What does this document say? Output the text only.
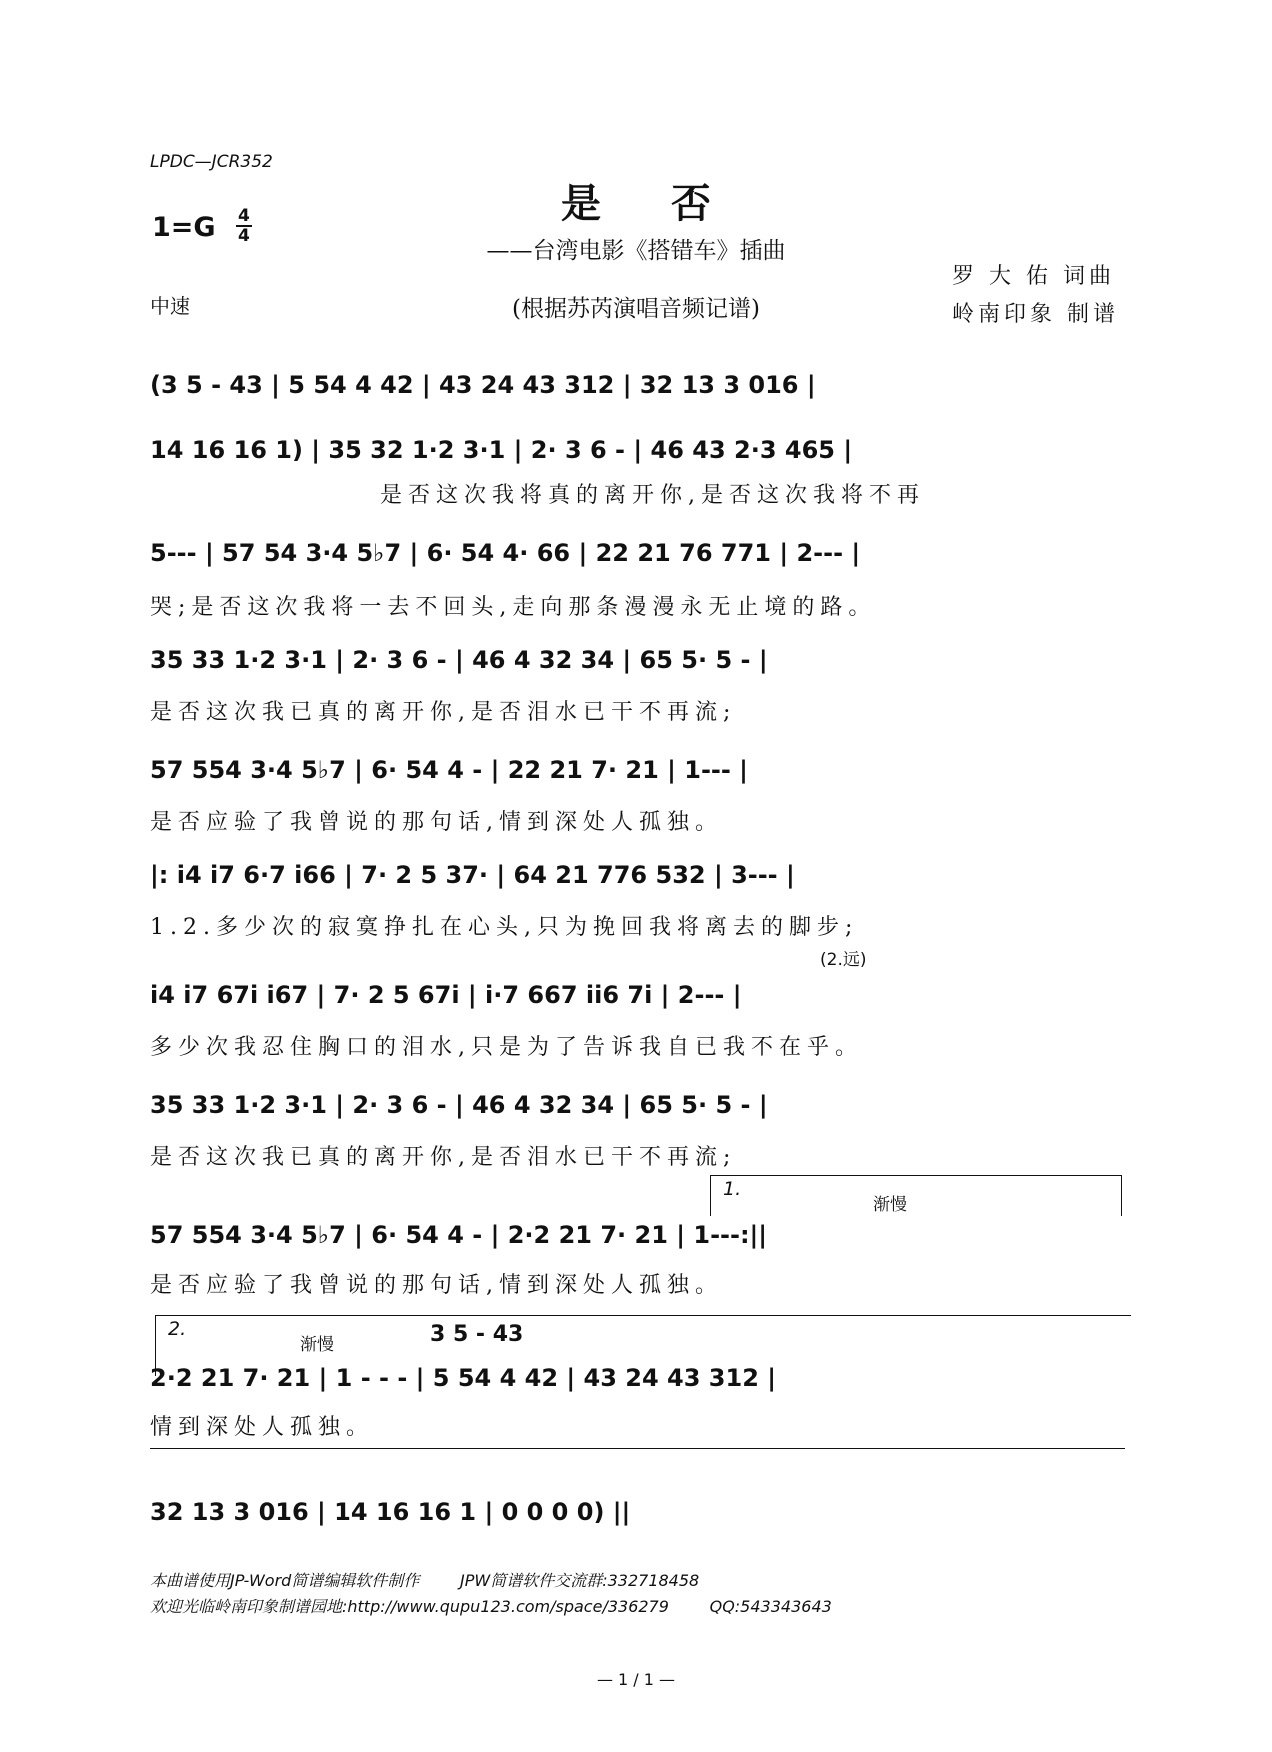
LPDC—JCR352
是否
——台湾电影《搭错车》插曲
(根据苏芮演唱音频记谱)
$1=G \frac{4}{4}$
中速
罗 大 佑 词曲
岭南印象 制谱
(3 5 - 43 | 5 54 4 42 | 43 24 43 312 | 32 13 3 016 |
14 16 16 1) | 35 32 1·2 3·1 | 2· 3 6 - | 46 43 2·3 465 |
是否这次我将真的离开你,是否这次我将不再
5--- | 57 54 3·4 5♭7 | 6· 54 4· 66 | 22 21 76 771 | 2--- |
哭;是否这次我将一去不回头,走向那条漫漫永无止境的路。
35 33 1·2 3·1 | 2· 3 6 - | 46 4 32 34 | 65 5· 5 - |
是否这次我已真的离开你,是否泪水已干不再流;
57 554 3·4 5♭7 | 6· 54 4 - | 22 21 7· 21 | 1--- |
是否应验了我曾说的那句话,情到深处人孤独。
|: i4 i7 6·7 i66 | 7· 2 5 37· | 64 21 776 532 | 3--- |
1.2.多少次的寂寞挣扎在心头,只为挽回我将离去的脚步;
(2.远)
i4 i7 67i i67 | 7· 2 5 67i | i·7 667 ii6 7i | 2--- |
多少次我忍住胸口的泪水,只是为了告诉我自已我不在乎。
35 33 1·2 3·1 | 2· 3 6 - | 46 4 32 34 | 65 5· 5 - |
是否这次我已真的离开你,是否泪水已干不再流;
1.
渐慢
57 554 3·4 5♭7 | 6· 54 4 - | 2·2 21 7· 21 | 1---:||
是否应验了我曾说的那句话,情到深处人孤独。
2.
渐慢	3 5 - 43
2·2 21 7· 21 | 1 - - - | 5 54 4 42 | 43 24 43 312 |
情到深处人孤独。
32 13 3 016 | 14 16 16 1 | 0 0 0 0) ||
本曲谱使用JP-Word简谱编辑软件制作        JPW简谱软件交流群:332718458
欢迎光临岭南印象制谱园地:http://www.qupu123.com/space/336279        QQ:543343643
— 1 / 1 —
